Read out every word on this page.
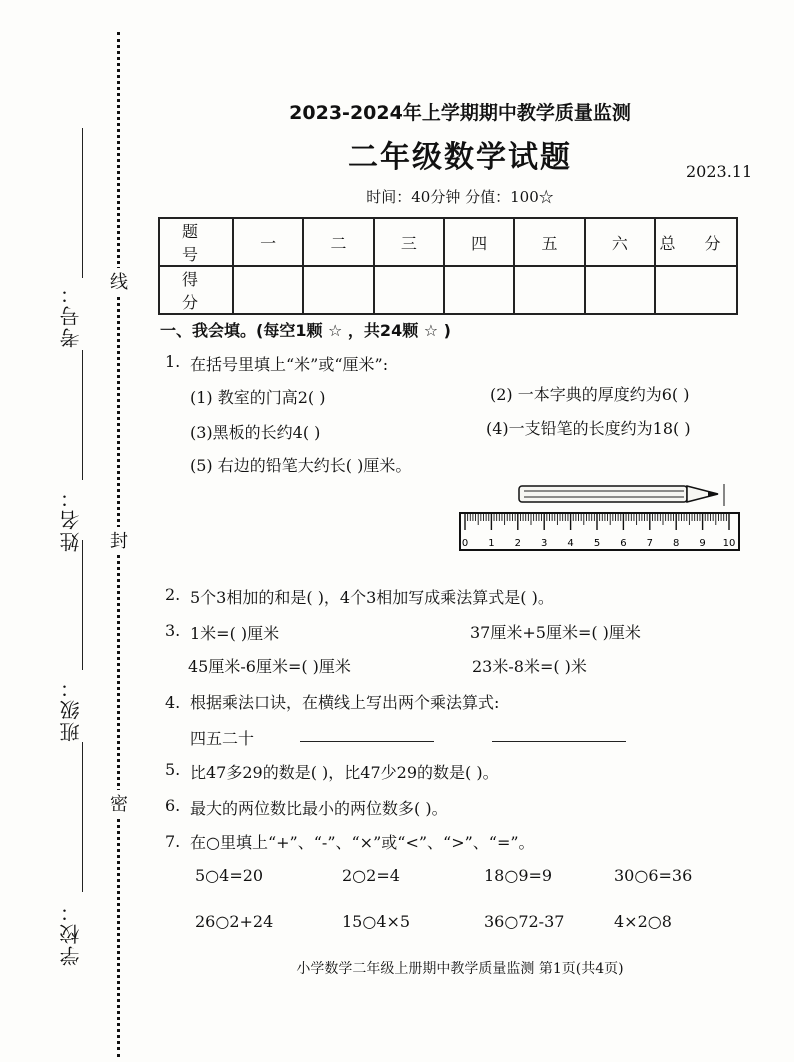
线
封
密
考号：
姓名：
班级：
学校：
2023-2024年上学期期中教学质量监测
二年级数学试题	2023.11
时间：40分钟 分值：100☆
题 号	一	二	三	四	五	六	总 分
得 分							
一、我会填。(每空1颗 ☆ ，共24颗 ☆ )
1. 在括号里填上“米”或“厘米”:
(1) 教室的门高2( )	(2) 一本字典的厚度约为6( )
(3)黑板的长约4( )	(4)一支铅笔的长度约为18( )
(5) 右边的铅笔大约长( )厘米。
0 1 2 3 4 5 6 7 8 9 10
2. 5个3相加的和是( )，4个3相加写成乘法算式是( )。
3. 1米=( )厘米	37厘米+5厘米=( )厘米
45厘米-6厘米=( )厘米	23米-8米=( )米
4. 根据乘法口诀，在横线上写出两个乘法算式:
四五二十
5. 比47多29的数是( )，比47少29的数是( )。
6. 最大的两位数比最小的两位数多( )。
7. 在○里填上“+”、“-”、“×”或“<”、“>”、“=”。
5○4=20	2○2=4	18○9=9	30○6=36
26○2+24	15○4×5	36○72-37	4×2○8
小学数学二年级上册期中教学质量监测 第1页(共4页)
